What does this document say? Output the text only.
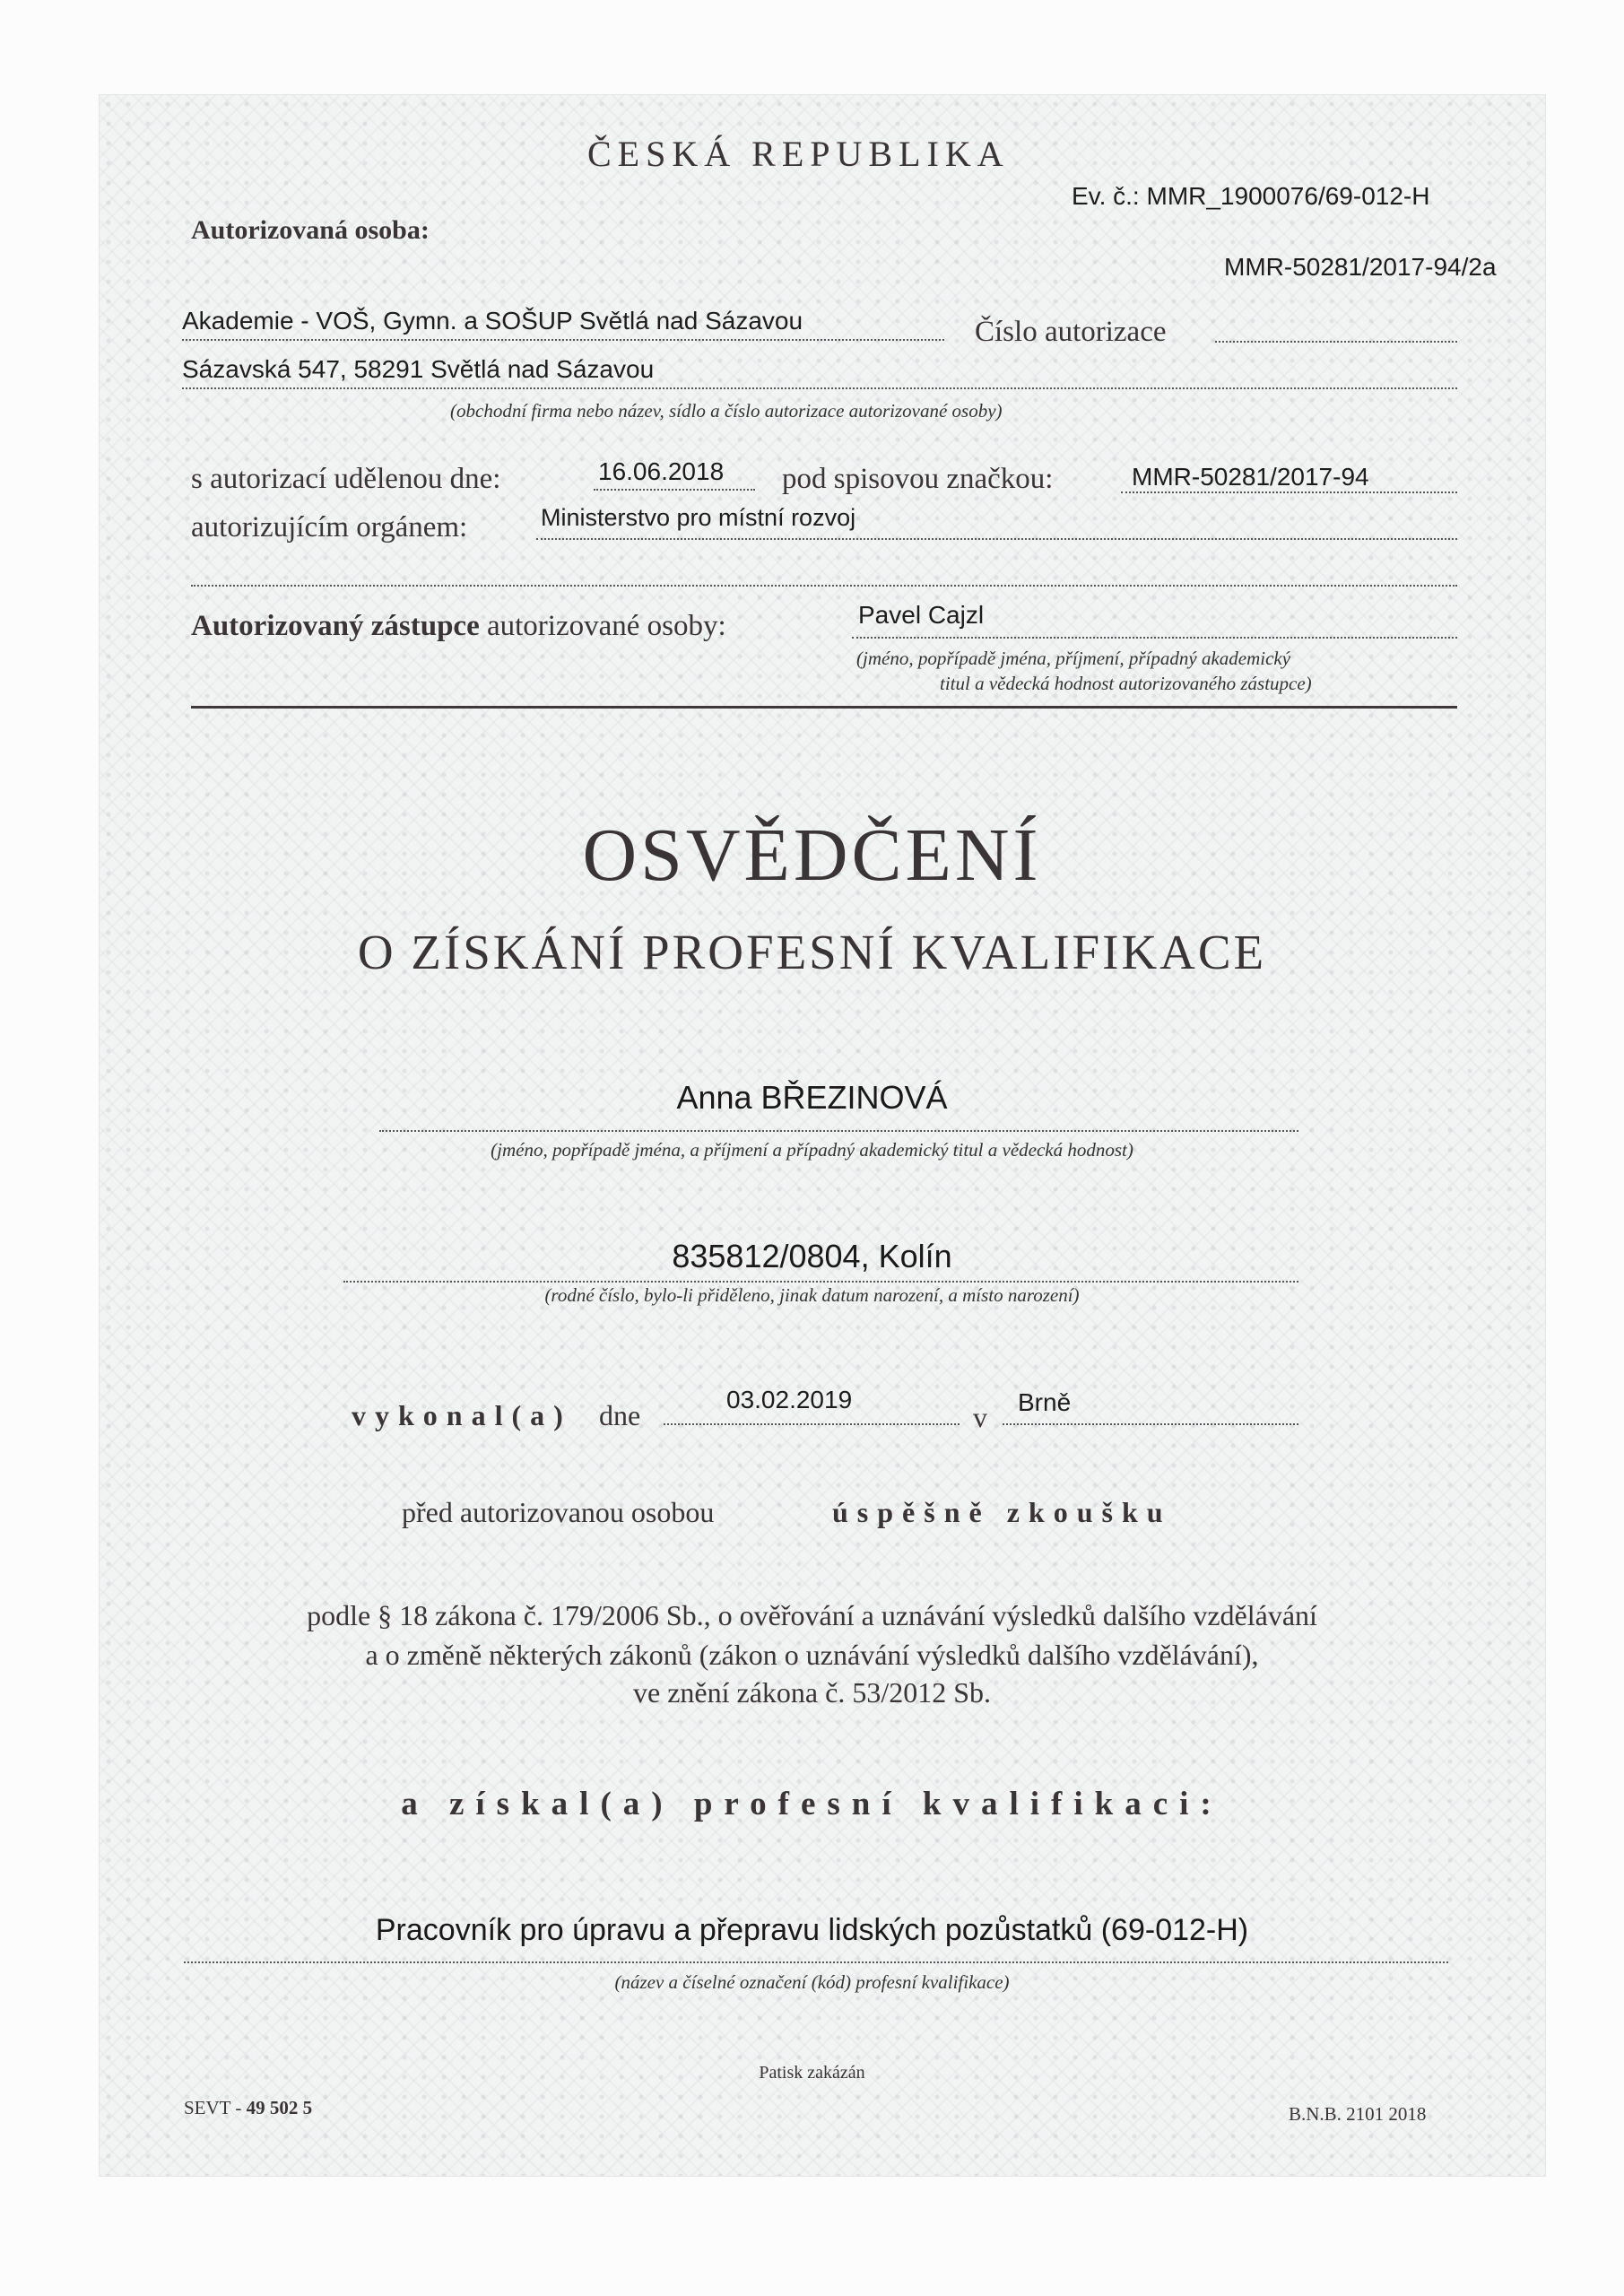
ČESKÁ REPUBLIKA
Ev. č.: MMR_1900076/69-012-H
Autorizovaná osoba:
MMR-50281/2017-94/2a
Akademie - VOŠ, Gymn. a SOŠUP Světlá nad Sázavou	Číslo autorizace
Sázavská 547, 58291 Světlá nad Sázavou
(obchodní firma nebo název, sídlo a číslo autorizace autorizované osoby)
s autorizací udělenou dne:	16.06.2018 pod spisovou značkou:	MMR-50281/2017-94
autorizujícím orgánem:	Ministerstvo pro místní rozvoj
Autorizovaný zástupce autorizované osoby:	Pavel Cajzl
(jméno, popřípadě jména, příjmení, případný akademický
titul a vědecká hodnost autorizovaného zástupce)
OSVĚDČENÍ
O ZÍSKÁNÍ PROFESNÍ KVALIFIKACE
Anna BŘEZINOVÁ
(jméno, popřípadě jména, a příjmení a případný akademický titul a vědecká hodnost)
835812/0804, Kolín
(rodné číslo, bylo-li přiděleno, jinak datum narození, a místo narození)
vykonal(a) dne	03.02.2019
v Brně
před autorizovanou osobou	úspěšně zkoušku
podle § 18 zákona č. 179/2006 Sb., o ověřování a uznávání výsledků dalšího vzdělávání
a o změně některých zákonů (zákon o uznávání výsledků dalšího vzdělávání),
ve znění zákona č. 53/2012 Sb.
a získal(a) profesní kvalifikaci:
Pracovník pro úpravu a přepravu lidských pozůstatků (69-012-H)
(název a číselné označení (kód) profesní kvalifikace)
Patisk zakázán
SEVT - 49 502 5	B.N.B. 2101 2018
